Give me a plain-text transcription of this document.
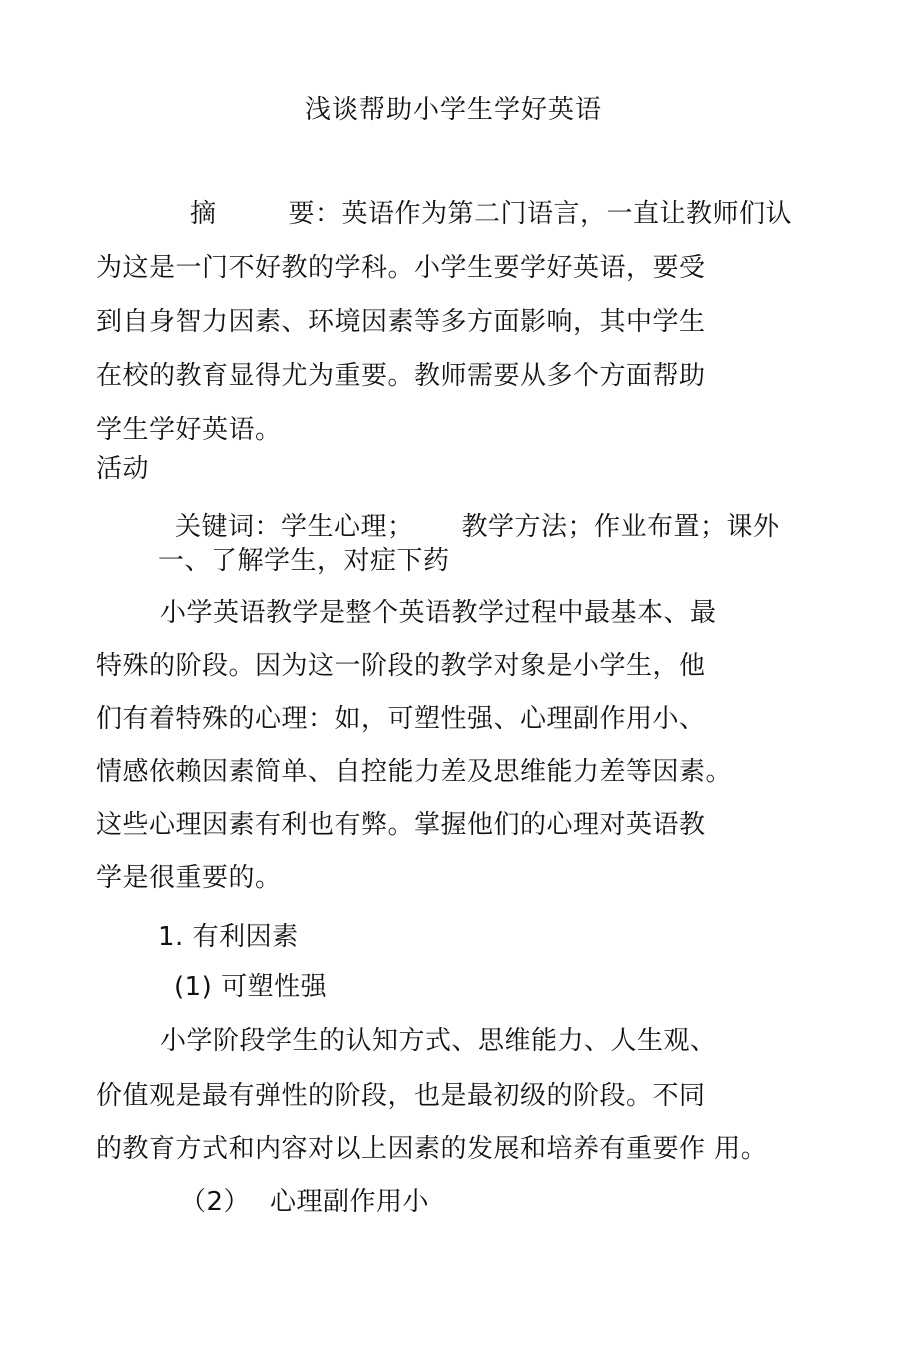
浅谈帮助小学生学好英语
摘	要：英语作为第二门语言，一直让教师们认
为这是一门不好教的学科。小学生要学好英语，要受
到自身智力因素、环境因素等多方面影响，其中学生
在校的教育显得尤为重要。教师需要从多个方面帮助
学生学好英语。
活动
关键词：学生心理； 教学方法；作业布置；课外
一、了解学生，对症下药
小学英语教学是整个英语教学过程中最基本、最
特殊的阶段。因为这一阶段的教学对象是小学生，他
们有着特殊的心理：如，可塑性强、心理副作用小、
情感依赖因素简单、自控能力差及思维能力差等因素。
这些心理因素有利也有弊。掌握他们的心理对英语教
学是很重要的。
1. 有利因素
(1) 可塑性强
小学阶段学生的认知方式、思维能力、人生观、
价值观是最有弹性的阶段，也是最初级的阶段。不同
的教育方式和内容对以上因素的发展和培养有重要作 用。
（2） 心理副作用小
